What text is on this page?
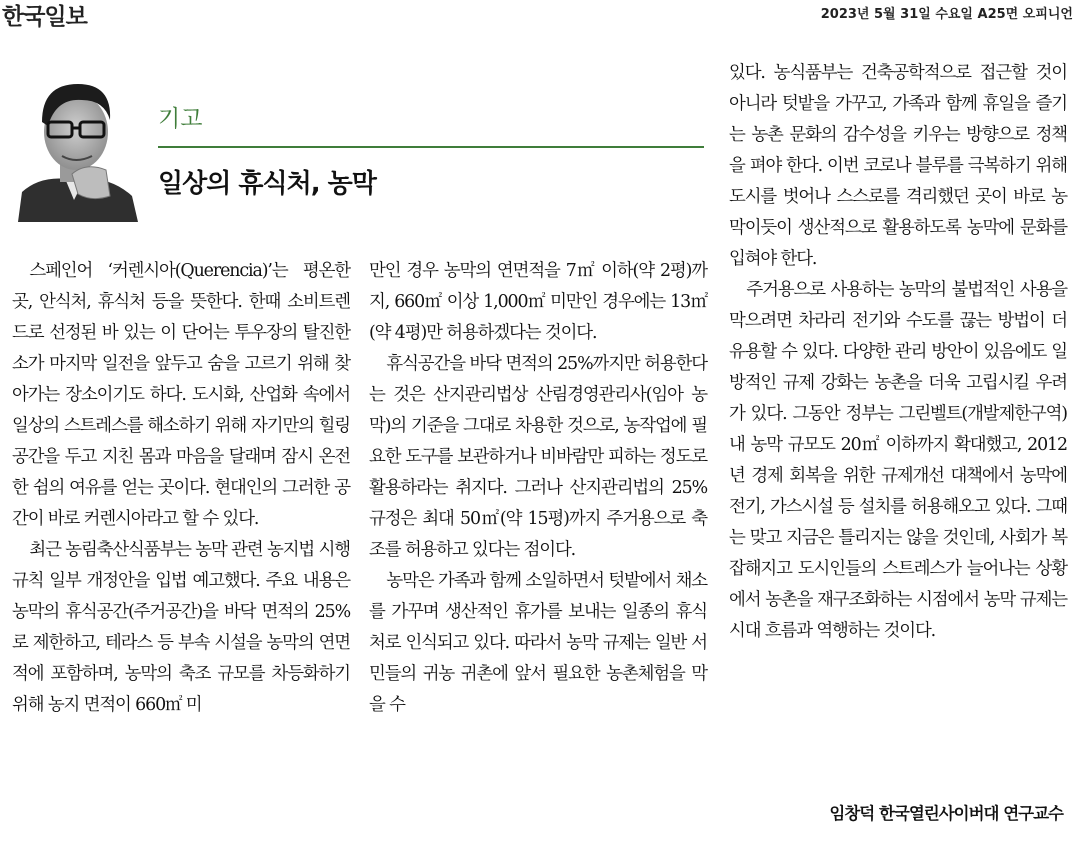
한국일보	2023년 5월 31일 수요일 A25면 오피니언
기고
일상의 휴식처, 농막

스페인어 ‘커렌시아(Querencia)’는 평온한 곳, 안식처, 휴식처 등을 뜻한다. 한때 소비트렌드로 선정된 바 있는 이 단어는 투우장의 탈진한 소가 마지막 일전을 앞두고 숨을 고르기 위해 찾아가는 장소이기도 하다. 도시화, 산업화 속에서 일상의 스트레스를 해소하기 위해 자기만의 힐링 공간을 두고 지친 몸과 마음을 달래며 잠시 온전한 쉼의 여유를 얻는 곳이다. 현대인의 그러한 공간이 바로 커렌시아라고 할 수 있다.

최근 농림축산식품부는 농막 관련 농지법 시행규칙 일부 개정안을 입법 예고했다. 주요 내용은 농막의 휴식공간(주거공간)을 바닥 면적의 25%로 제한하고, 테라스 등 부속 시설을 농막의 연면적에 포함하며, 농막의 축조 규모를 차등화하기 위해 농지 면적이 660㎡ 미

만인 경우 농막의 연면적을 7㎡ 이하(약 2평)까지, 660㎡ 이상 1,000㎡ 미만인 경우에는 13㎡(약 4평)만 허용하겠다는 것이다.

휴식공간을 바닥 면적의 25%까지만 허용한다는 것은 산지관리법상 산림경영관리사(임아 농막)의 기준을 그대로 차용한 것으로, 농작업에 필요한 도구를 보관하거나 비바람만 피하는 정도로 활용하라는 취지다. 그러나 산지관리법의 25% 규정은 최대 50㎡(약 15평)까지 주거용으로 축조를 허용하고 있다는 점이다.

농막은 가족과 함께 소일하면서 텃밭에서 채소를 가꾸며 생산적인 휴가를 보내는 일종의 휴식처로 인식되고 있다. 따라서 농막 규제는 일반 서민들의 귀농 귀촌에 앞서 필요한 농촌체험을 막을 수

있다. 농식품부는 건축공학적으로 접근할 것이 아니라 텃밭을 가꾸고, 가족과 함께 휴일을 즐기는 농촌 문화의 감수성을 키우는 방향으로 정책을 펴야 한다. 이번 코로나 블루를 극복하기 위해 도시를 벗어나 스스로를 격리했던 곳이 바로 농막이듯이 생산적으로 활용하도록 농막에 문화를 입혀야 한다.

주거용으로 사용하는 농막의 불법적인 사용을 막으려면 차라리 전기와 수도를 끊는 방법이 더 유용할 수 있다. 다양한 관리 방안이 있음에도 일방적인 규제 강화는 농촌을 더욱 고립시킬 우려가 있다. 그동안 정부는 그린벨트(개발제한구역) 내 농막 규모도 20㎡ 이하까지 확대했고, 2012년 경제 회복을 위한 규제개선 대책에서 농막에 전기, 가스시설 등 설치를 허용해오고 있다. 그때는 맞고 지금은 틀리지는 않을 것인데, 사회가 복잡해지고 도시인들의 스트레스가 늘어나는 상황에서 농촌을 재구조화하는 시점에서 농막 규제는 시대 흐름과 역행하는 것이다.

임창덕 한국열린사이버대 연구교수
